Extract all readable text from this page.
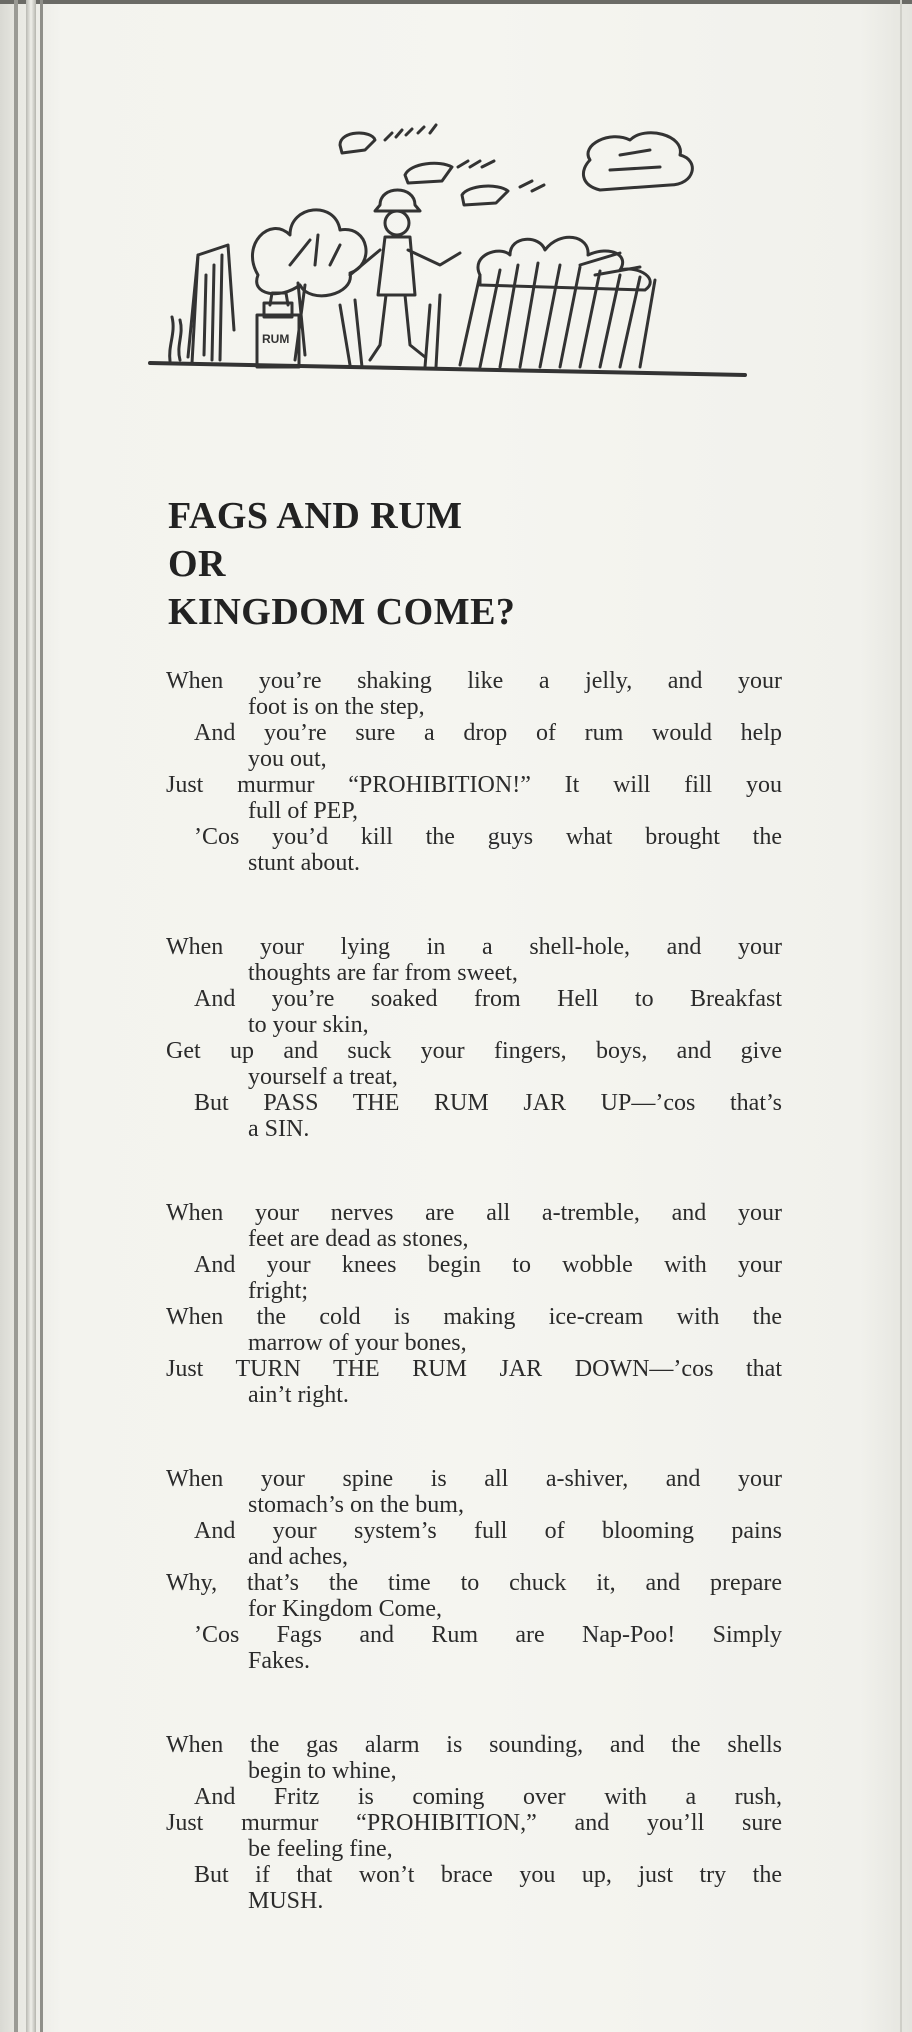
RUM
FAGS AND RUM
OR
KINGDOM COME?
When you’re shaking like a jelly, and your
foot is on the step,
And you’re sure a drop of rum would help
you out,
Just murmur “PROHIBITION!” It will fill you
full of PEP,
’Cos you’d kill the guys what brought the
stunt about.
When your lying in a shell-hole, and your
thoughts are far from sweet,
And you’re soaked from Hell to Breakfast
to your skin,
Get up and suck your fingers, boys, and give
yourself a treat,
But PASS THE RUM JAR UP—’cos that’s
a SIN.
When your nerves are all a-tremble, and your
feet are dead as stones,
And your knees begin to wobble with your
fright;
When the cold is making ice-cream with the
marrow of your bones,
Just TURN THE RUM JAR DOWN—’cos that
ain’t right.
When your spine is all a-shiver, and your
stomach’s on the bum,
And your system’s full of blooming pains
and aches,
Why, that’s the time to chuck it, and prepare
for Kingdom Come,
’Cos Fags and Rum are Nap-Poo! Simply
Fakes.
When the gas alarm is sounding, and the shells
begin to whine,
And Fritz is coming over with a rush,
Just murmur “PROHIBITION,” and you’ll sure
be feeling fine,
But if that won’t brace you up, just try the
MUSH.
